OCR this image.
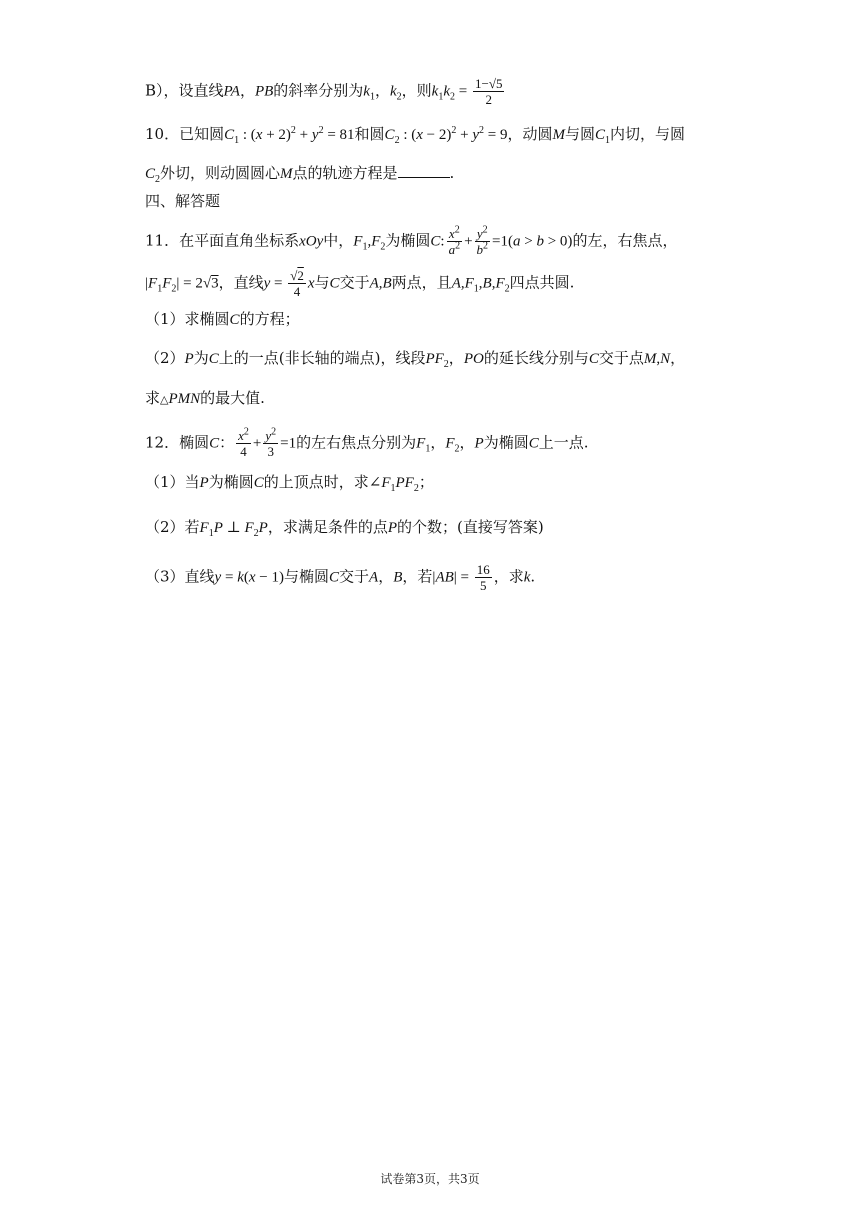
B），设直线PA，PB的斜率分别为$k_1$，$k_2$，则$k_1k_2 = \frac{1-√5}{2}$
10．已知圆$C_1$ : $(x + 2)^2 + y^2 = 81$和圆$C_2$ : $(x - 2)^2 + y^2 = 9$，动圆M与圆$C_1$内切，与圆
$C_2$外切，则动圆圆心M点的轨迹方程是	.
四、解答题
11．在平面直角坐标系xOy中，$F_1,F_2$为椭圆C: $\frac{x^2}{a^2} + \frac{y^2}{b^2} =1(a > b > 0)$的左，右焦点，
$|F_1F_2| = 2√3$，直线$y = \frac{√2}{4}$ x与C交于A,B两点，且$A,F_1,B,F_2$四点共圆.
（1）求椭圆C的方程；
（2）P为C上的一点(非长轴的端点)，线段$PF_2$，PO的延长线分别与C交于点M,N，
求△PMN的最大值.
12．椭圆C： $\frac{x^2}{4} + \frac{y^2}{3} =1$的左右焦点分别为$F_1$，$F_2$，P为椭圆C上一点.
（1）当P为椭圆C的上顶点时，求$\angle F_1PF_2$；
（2）若$F_1P$ ⊥ $F_2P$，求满足条件的点P的个数；(直接写答案)
（3）直线y = k(x − 1)与椭圆C交于A，B，若$|AB| = \frac{16}{5}$ ，求k.
试卷第3页，共3页
